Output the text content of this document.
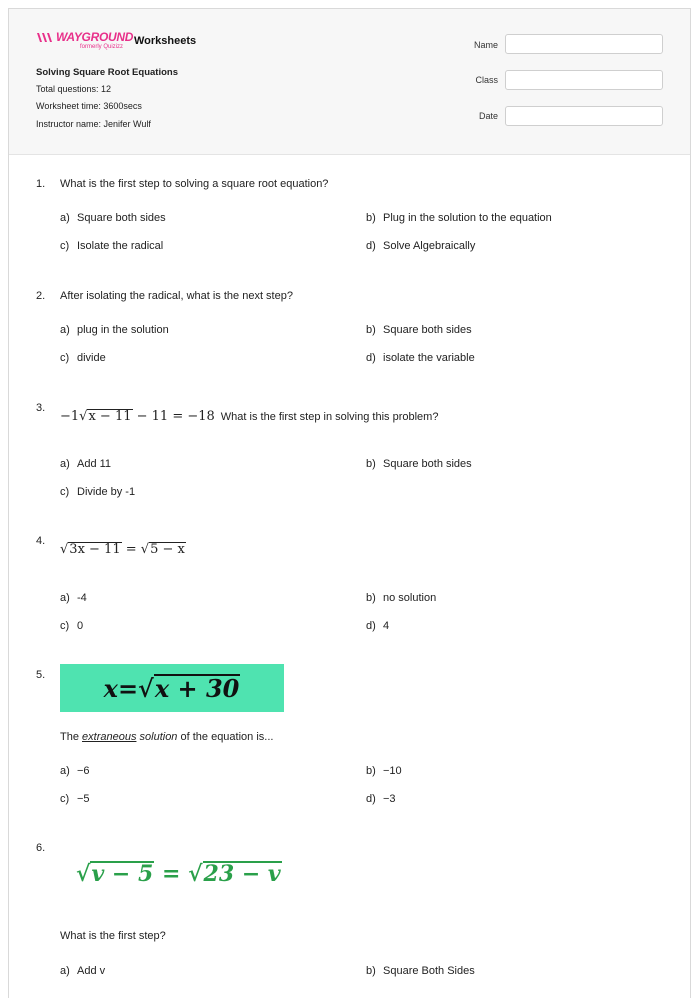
WAYGROUND
formerly Quizizz Worksheets
Solving Square Root Equations
Total questions: 12
Worksheet time: 3600secs
Instructor name: Jenifer Wulf
Name
Class
Date
1. What is the first step to solving a square root equation?
a) Square both sides	b) Plug in the solution to the equation
c) Isolate the radical	d) Solve Algebraically
2. After isolating the radical, what is the next step?
a) plug in the solution	b) Square both sides
c) divide	d) isolate the variable
3.
−1√x − 11 − 11 = −18 What is the first step in solving this problem?
a) Add 11	b) Square both sides
c) Divide by -1
4.
√3x − 11 = √5 − x
a) -4	b) no solution
c) 0	d) 4
5. x = √ x + 30
The extraneous solution of the equation is...
a) −6	b) −10
c) −5	d) −3
6.
√v − 5 = √23 − v
What is the first step?
a) Add v	b) Square Both Sides
